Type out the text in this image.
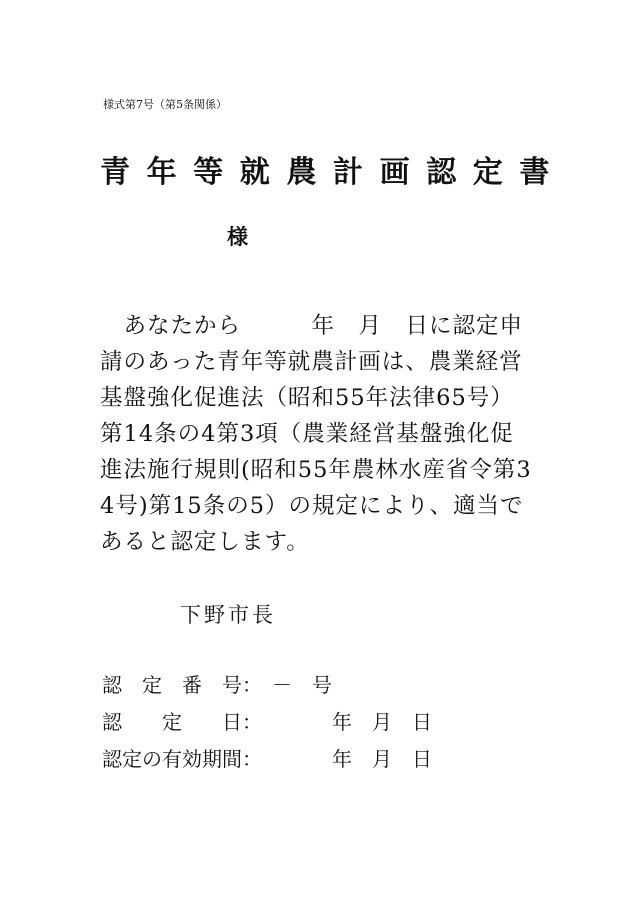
様式第7号（第5条関係）
青年等就農計画認定書
様
　あなたから　　　年　月　日に認定申
請のあった青年等就農計画は、農業経営
基盤強化促進法（昭和55年法律65号）
第14条の4第3項（農業経営基盤強化促
進法施行規則(昭和55年農林水産省令第3
4号)第15条の5）の規定により、適当で
あると認定します。
下野市長
認　定　番　号：　－　号
認　　定　　日：　　　　年　月　日
認定の有効期間：　　　　年　月　日
